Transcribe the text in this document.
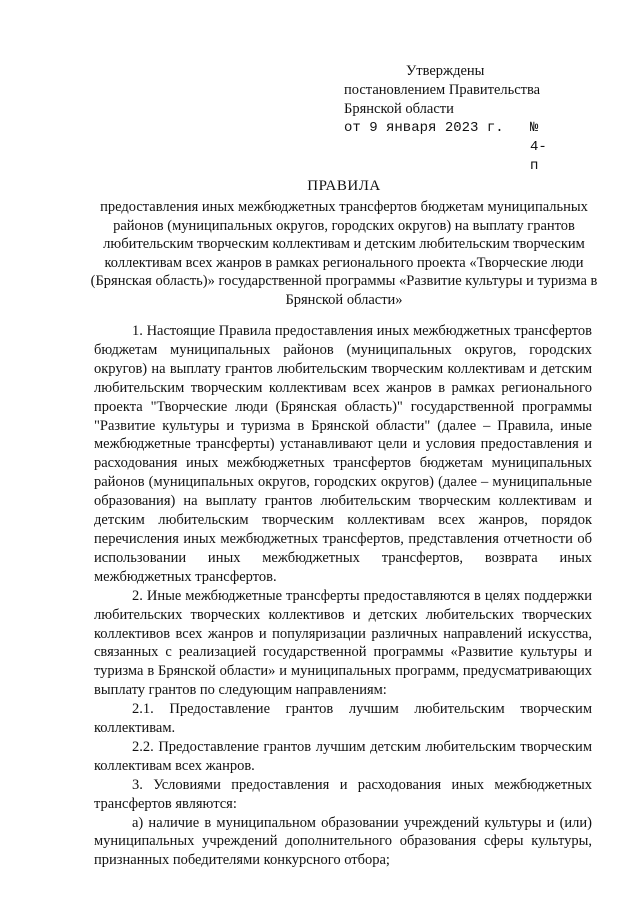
Утверждены
постановлением Правительства
Брянской области
от 9 января 2023 г. № 4-п
ПРАВИЛА
предоставления иных межбюджетных трансфертов бюджетам муниципальных районов (муниципальных округов, городских округов) на выплату грантов любительским творческим коллективам и детским любительским творческим коллективам всех жанров в рамках регионального проекта «Творческие люди (Брянская область)» государственной программы «Развитие культуры и туризма в Брянской области»

1. Настоящие Правила предоставления иных межбюджетных трансфертов бюджетам муниципальных районов (муниципальных округов, городских округов) на выплату грантов любительским творческим коллективам и детским любительским творческим коллективам всех жанров в рамках регионального проекта "Творческие люди (Брянская область)" государственной программы "Развитие культуры и туризма в Брянской области" (далее – Правила, иные межбюджетные трансферты) устанавливают цели и условия предоставления и расходования иных межбюджетных трансфертов бюджетам муниципальных районов (муниципальных округов, городских округов) (далее – муниципальные образования) на выплату грантов любительским творческим коллективам и детским любительским творческим коллективам всех жанров, порядок перечисления иных межбюджетных трансфертов, представления отчетности об использовании иных межбюджетных трансфертов, возврата иных межбюджетных трансфертов.

2. Иные межбюджетные трансферты предоставляются в целях поддержки любительских творческих коллективов и детских любительских творческих коллективов всех жанров и популяризации различных направлений искусства, связанных с реализацией государственной программы «Развитие культуры и туризма в Брянской области» и муниципальных программ, предусматривающих выплату грантов по следующим направлениям:

2.1. Предоставление грантов лучшим любительским творческим коллективам.

2.2. Предоставление грантов лучшим детским любительским творческим коллективам всех жанров.

3. Условиями предоставления и расходования иных межбюджетных трансфертов являются:

а) наличие в муниципальном образовании учреждений культуры и (или) муниципальных учреждений дополнительного образования сферы культуры, признанных победителями конкурсного отбора;
